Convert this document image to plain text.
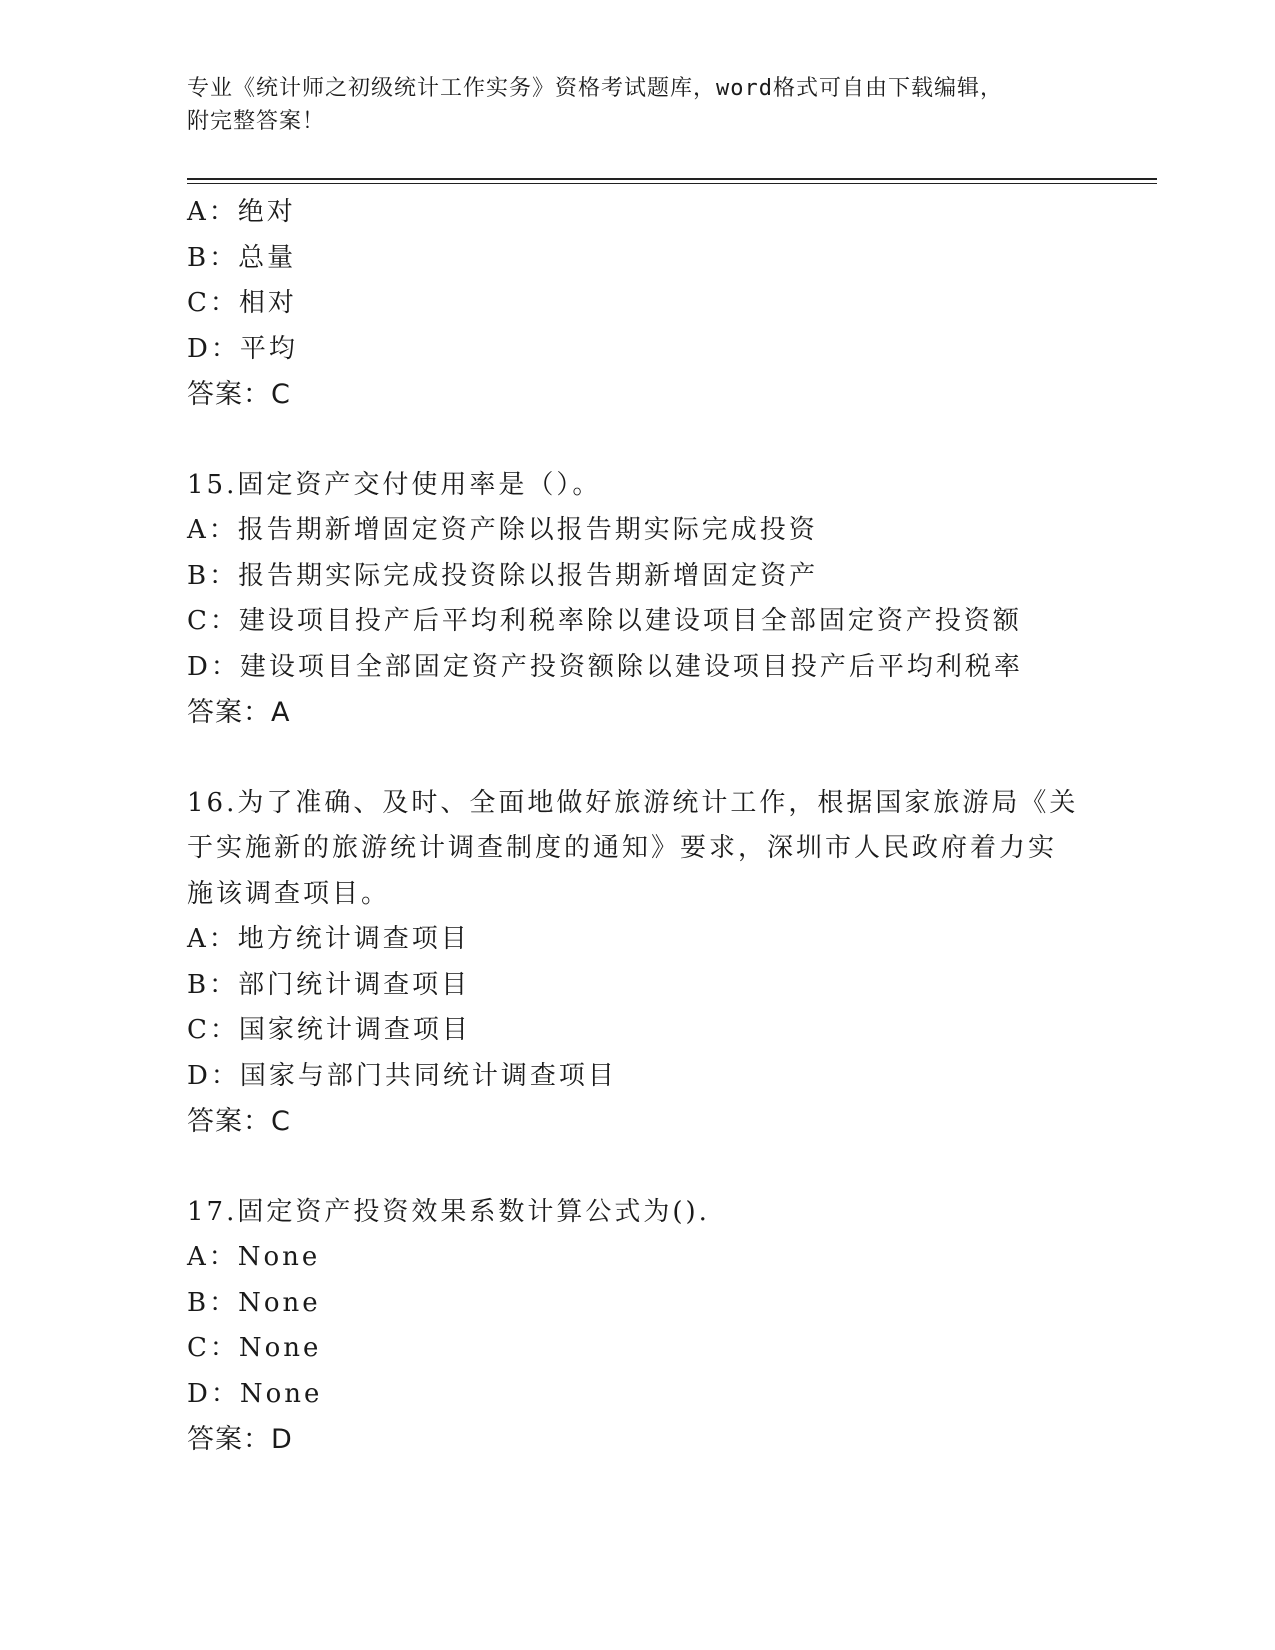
专业《统计师之初级统计工作实务》资格考试题库，word格式可自由下载编辑，

附完整答案！

A：绝对

B：总量

C：相对

D：平均

答案：C

15.固定资产交付使用率是（）。

A：报告期新增固定资产除以报告期实际完成投资

B：报告期实际完成投资除以报告期新增固定资产

C：建设项目投产后平均利税率除以建设项目全部固定资产投资额

D：建设项目全部固定资产投资额除以建设项目投产后平均利税率

答案：A

16.为了准确、及时、全面地做好旅游统计工作，根据国家旅游局《关

于实施新的旅游统计调查制度的通知》要求，深圳市人民政府着力实

施该调查项目。

A：地方统计调查项目

B：部门统计调查项目

C：国家统计调查项目

D：国家与部门共同统计调查项目

答案：C

17.固定资产投资效果系数计算公式为().

A：None

B：None

C：None

D：None

答案：D
